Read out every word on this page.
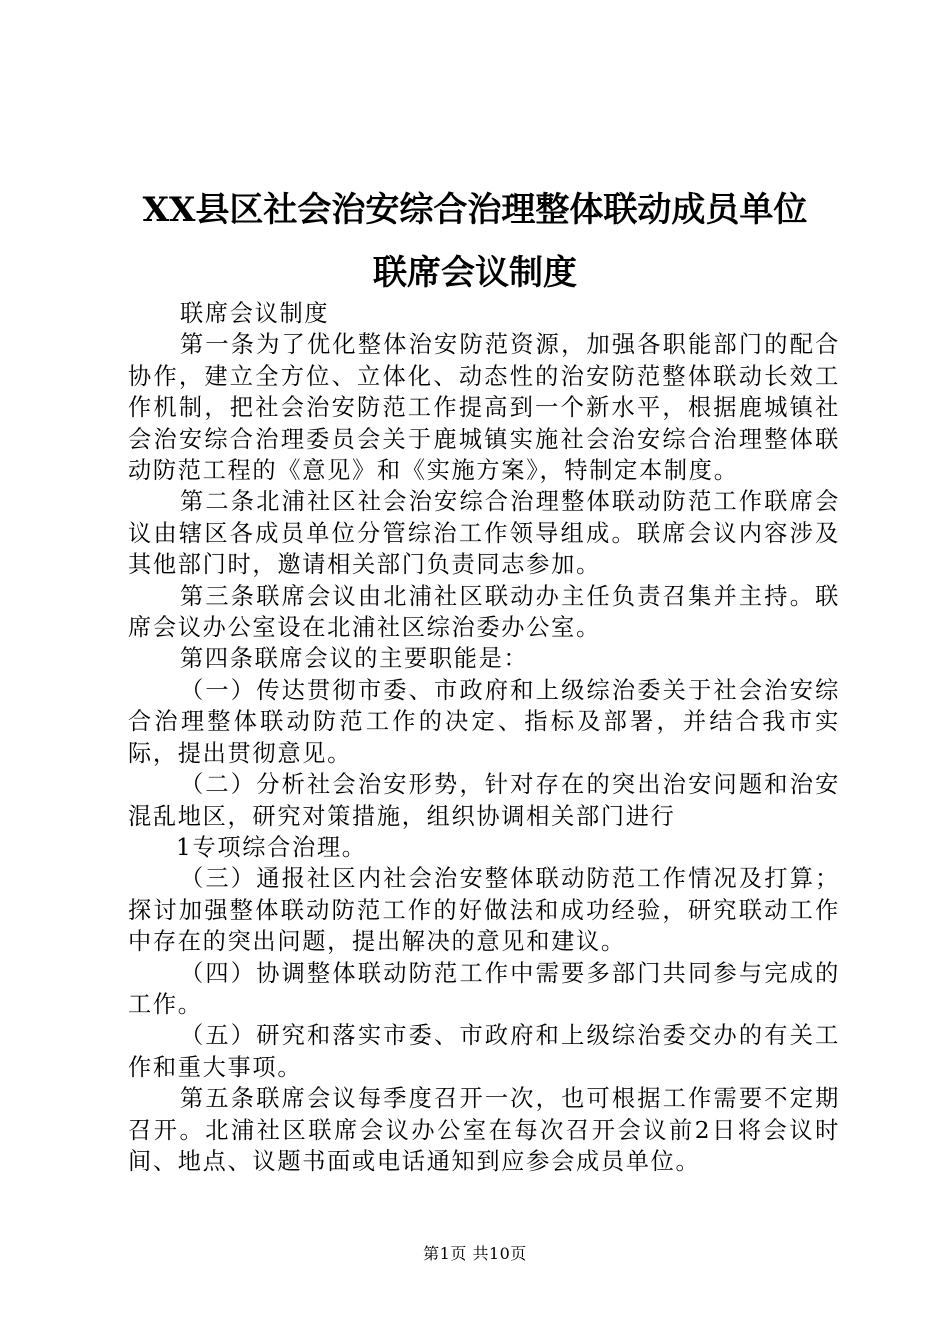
XX县区社会治安综合治理整体联动成员单位
联席会议制度

联席会议制度

第一条为了优化整体治安防范资源，加强各职能部门的配合协作，建立全方位、立体化、动态性的治安防范整体联动长效工作机制，把社会治安防范工作提高到一个新水平，根据鹿城镇社会治安综合治理委员会关于鹿城镇实施社会治安综合治理整体联动防范工程的《意见》和《实施方案》，特制定本制度。

第二条北浦社区社会治安综合治理整体联动防范工作联席会议由辖区各成员单位分管综治工作领导组成。联席会议内容涉及其他部门时，邀请相关部门负责同志参加。

第三条联席会议由北浦社区联动办主任负责召集并主持。联席会议办公室设在北浦社区综治委办公室。

第四条联席会议的主要职能是：

（一）传达贯彻市委、市政府和上级综治委关于社会治安综合治理整体联动防范工作的决定、指标及部署，并结合我市实际，提出贯彻意见。

（二）分析社会治安形势，针对存在的突出治安问题和治安混乱地区，研究对策措施，组织协调相关部门进行

1专项综合治理。

（三）通报社区内社会治安整体联动防范工作情况及打算；探讨加强整体联动防范工作的好做法和成功经验，研究联动工作中存在的突出问题，提出解决的意见和建议。

（四）协调整体联动防范工作中需要多部门共同参与完成的工作。

（五）研究和落实市委、市政府和上级综治委交办的有关工作和重大事项。

第五条联席会议每季度召开一次，也可根据工作需要不定期召开。北浦社区联席会议办公室在每次召开会议前2日将会议时间、地点、议题书面或电话通知到应参会成员单位。

第1页 共10页
